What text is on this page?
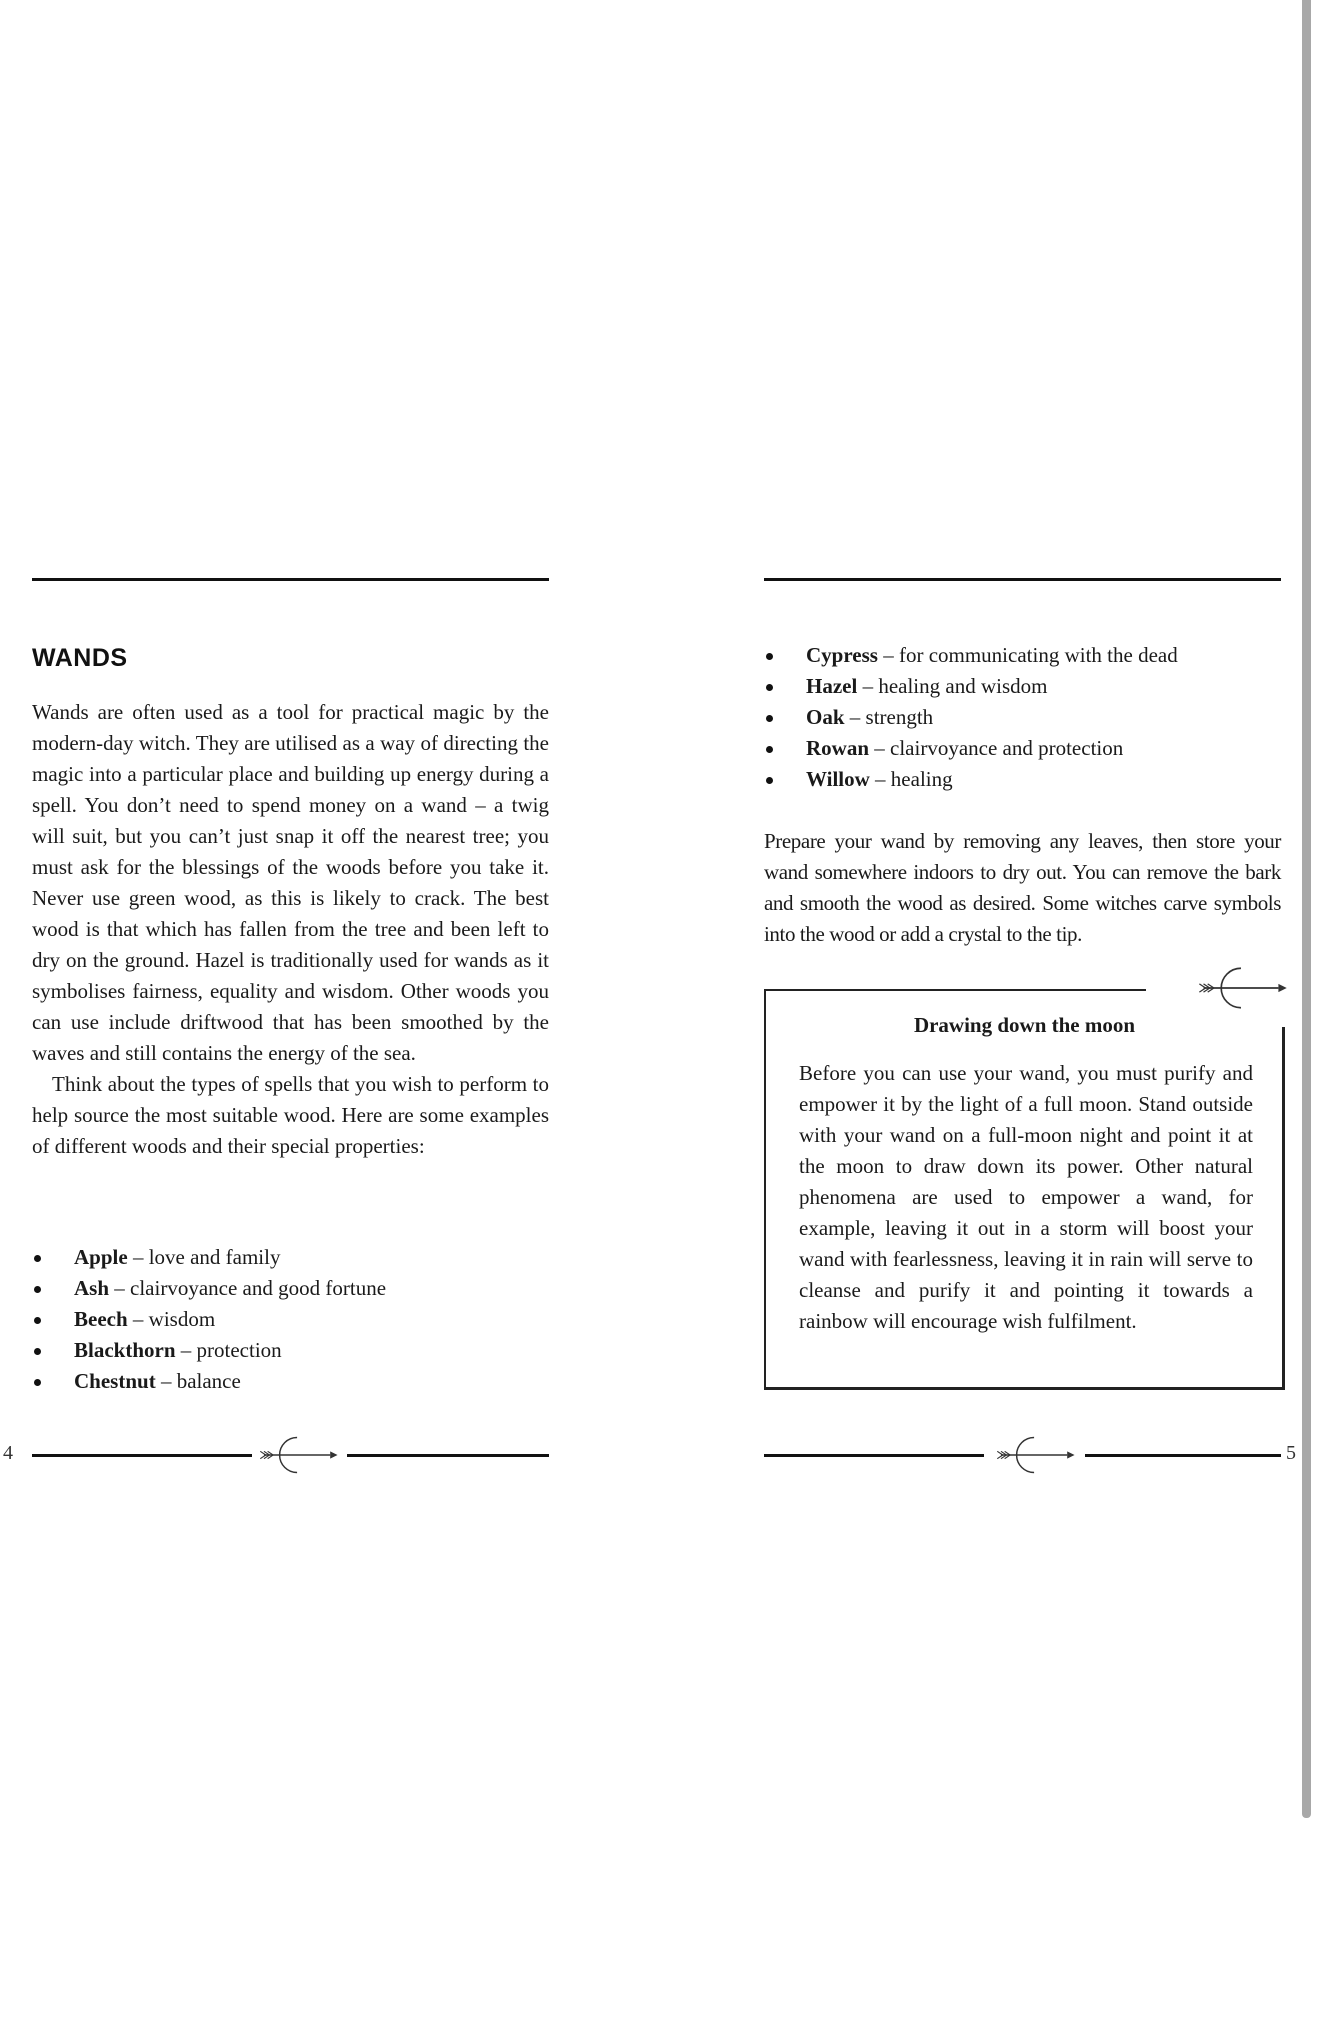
WANDS

Wands are often used as a tool for practical magic by the modern-day witch. They are utilised as a way of directing the magic into a particular place and building up energy during a spell. You don’t need to spend money on a wand – a twig will suit, but you can’t just snap it off the nearest tree; you must ask for the blessings of the woods before you take it. Never use green wood, as this is likely to crack. The best wood is that which has fallen from the tree and been left to dry on the ground. Hazel is traditionally used for wands as it symbolises fairness, equality and wisdom. Other woods you can use include driftwood that has been smoothed by the waves and still contains the energy of the sea.

Think about the types of spells that you wish to perform to help source the most suitable wood. Here are some examples of different woods and their special properties:

Apple – love and family
Ash – clairvoyance and good fortune
Beech – wisdom
Blackthorn – protection
Chestnut – balance
Cypress – for communicating with the dead
Hazel – healing and wisdom
Oak – strength
Rowan – clairvoyance and protection
Willow – healing

Prepare your wand by removing any leaves, then store your wand somewhere indoors to dry out. You can remove the bark and smooth the wood as desired. Some witches carve symbols into the wood or add a crystal to the tip.

Drawing down the moon

Before you can use your wand, you must purify and empower it by the light of a full moon. Stand outside with your wand on a full-moon night and point it at the moon to draw down its power. Other natural phenomena are used to empower a wand, for example, leaving it out in a storm will boost your wand with fearlessness, leaving it in rain will serve to cleanse and purify it and pointing it towards a rainbow will encourage wish fulfilment.

4	5
